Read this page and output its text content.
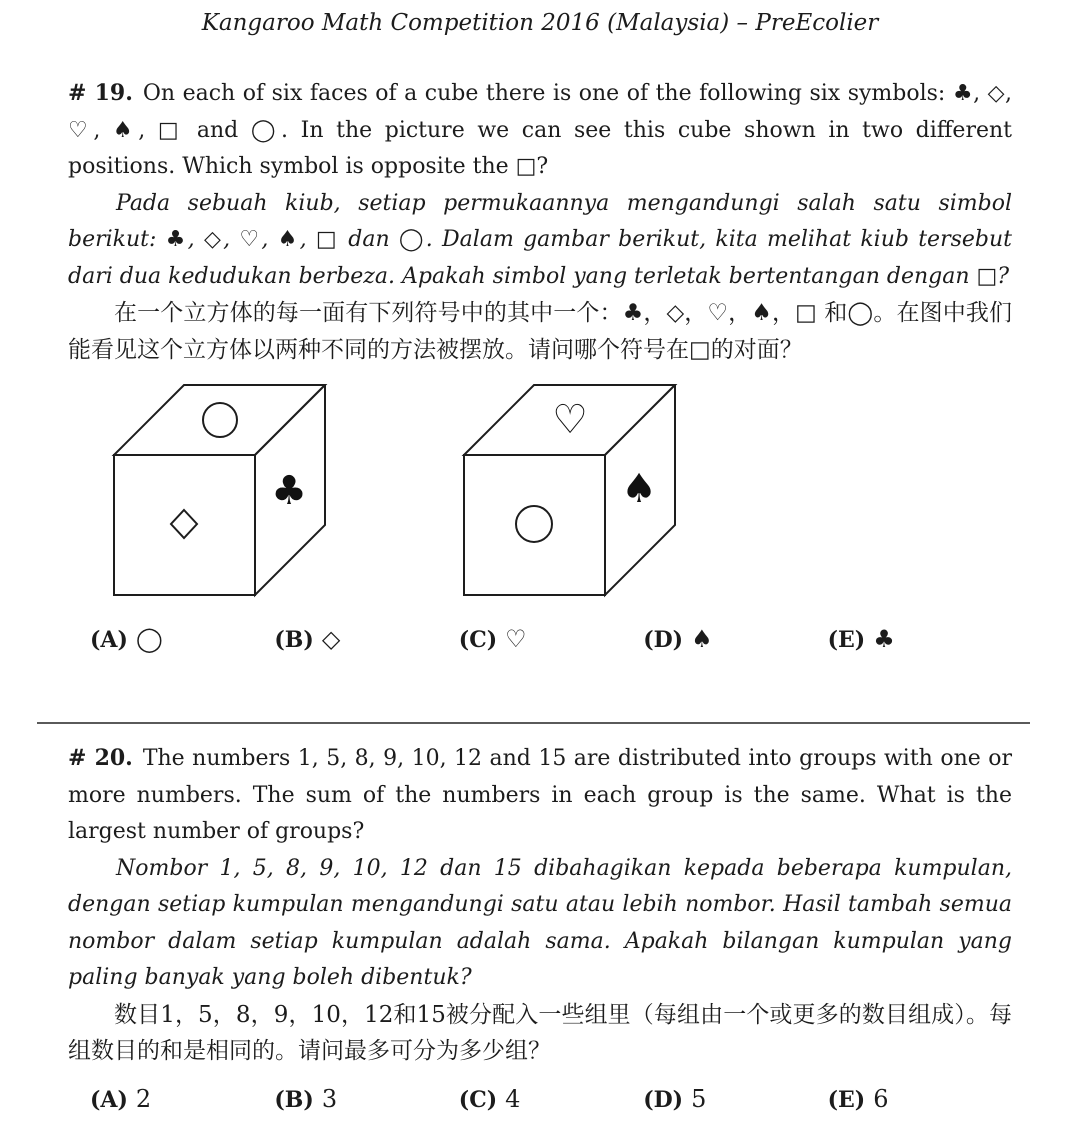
Kangaroo Math Competition 2016 (Malaysia) – PreEcolier

# 19. On each of six faces of a cube there is one of the following six symbols: ♣, ◇, ♡, ♠, □ and ◯. In the picture we can see this cube shown in two different positions. Which symbol is opposite the □?

Pada sebuah kiub, setiap permukaannya mengandungi salah satu simbol berikut: ♣, ◇, ♡, ♠, □ dan ◯. Dalam gambar berikut, kita melihat kiub tersebut dari dua kedudukan berbeza. Apakah simbol yang terletak bertentangan dengan □?

在一个立方体的每一面有下列符号中的其中一个：♣，◇，♡，♠，□ 和◯。在图中我们能看见这个立方体以两种不同的方法被摆放。请问哪个符号在□的对面？

♣
♡
♠
(A) ◯	(B) ◇	(C) ♡	(D) ♠	(E) ♣

# 20. The numbers 1, 5, 8, 9, 10, 12 and 15 are distributed into groups with one or more numbers. The sum of the numbers in each group is the same. What is the largest number of groups?

Nombor 1, 5, 8, 9, 10, 12 dan 15 dibahagikan kepada beberapa kumpulan, dengan setiap kumpulan mengandungi satu atau lebih nombor. Hasil tambah semua nombor dalam setiap kumpulan adalah sama. Apakah bilangan kumpulan yang paling banyak yang boleh dibentuk?

数目1，5，8，9，10，12和15被分配入一些组里（每组由一个或更多的数目组成）。每组数目的和是相同的。请问最多可分为多少组？

(A) 2	(B) 3	(C) 4	(D) 5	(E) 6
